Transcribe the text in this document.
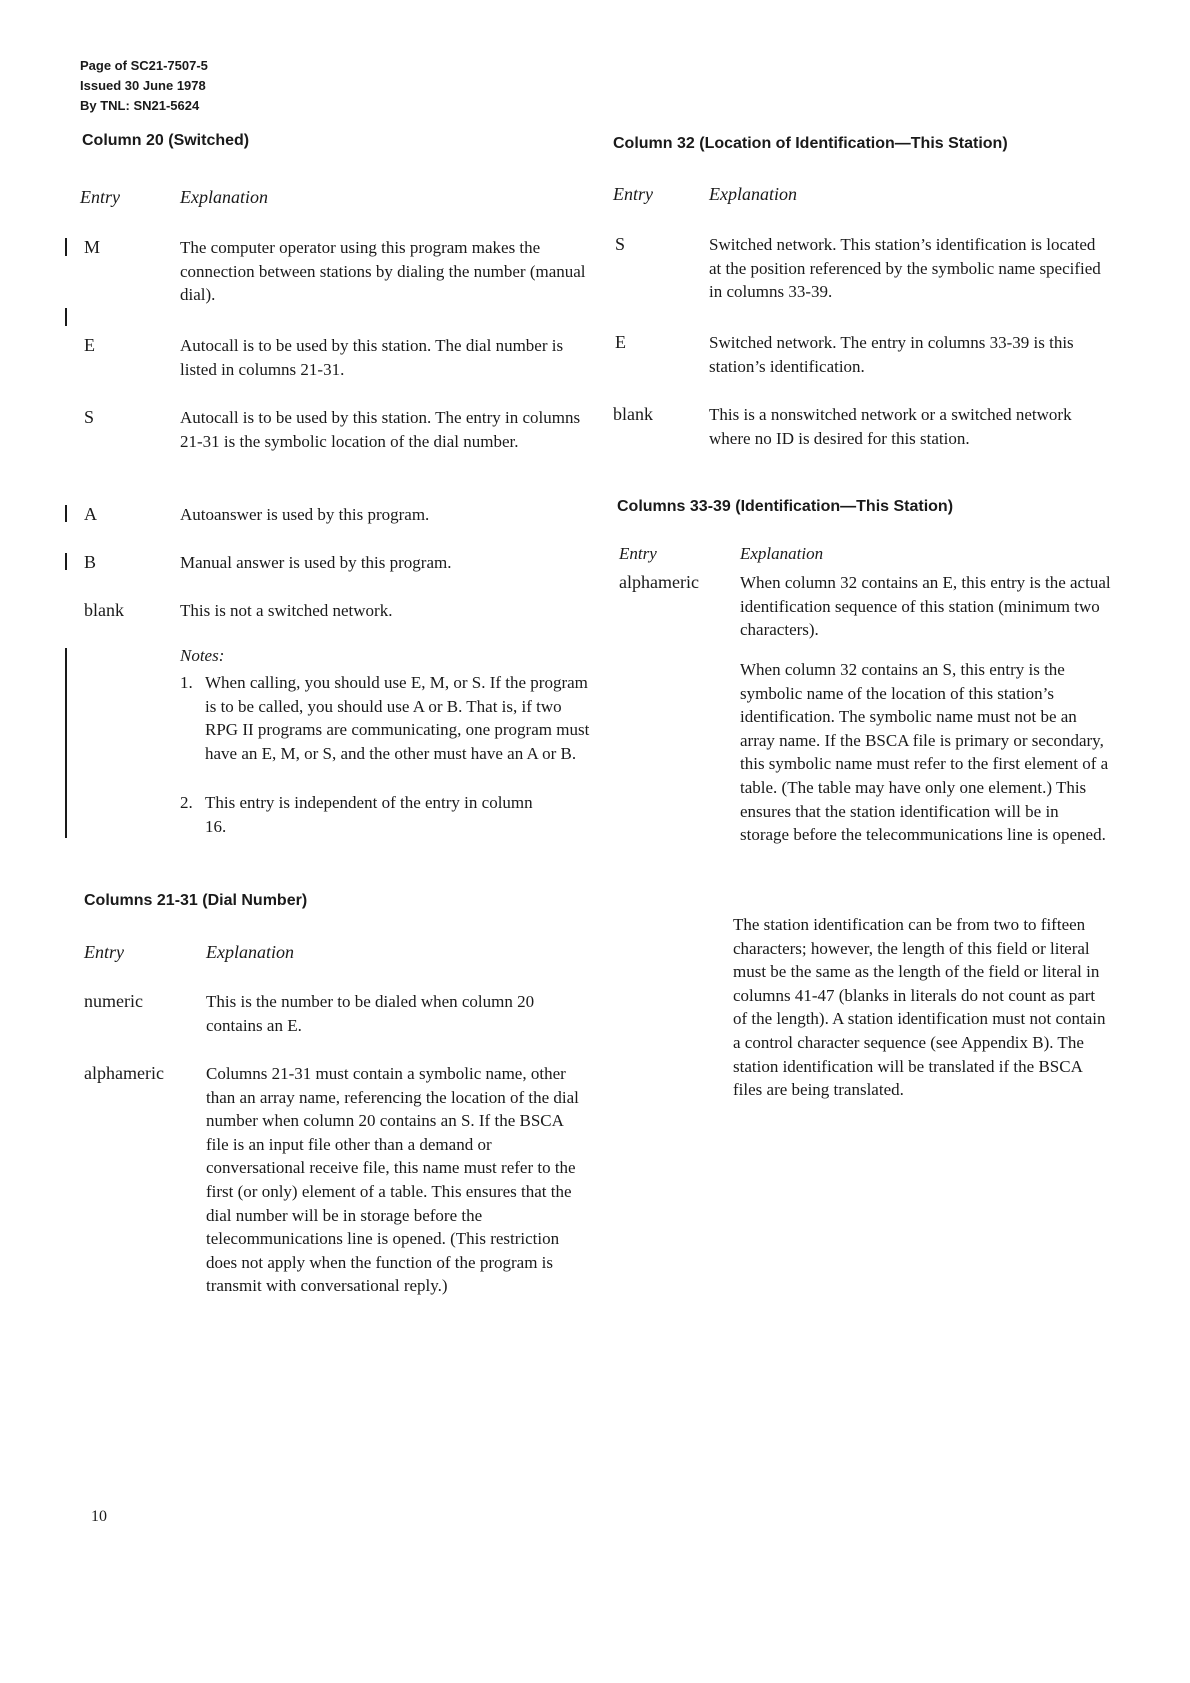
Page of SC21-7507-5
Issued 30 June 1978
By TNL: SN21-5624
Column 20 (Switched)
Entry	Explanation
M	The computer operator using this program makes the connection between stations by dialing the number (manual dial).
E	Autocall is to be used by this station. The dial number is listed in columns 21-31.
S	Autocall is to be used by this station. The entry in columns 21-31 is the symbolic location of the dial number.
A	Autoanswer is used by this program.
B	Manual answer is used by this program.
blank	This is not a switched network.
Notes:
1. When calling, you should use E, M, or S. If the program is to be called, you should use A or B. That is, if two RPG II programs are communicating, one program must have an E, M, or S, and the other must have an A or B.
2. This entry is independent of the entry in column 16.
Columns 21-31 (Dial Number)
Entry	Explanation
numeric	This is the number to be dialed when column 20 contains an E.
alphameric Columns 21-31 must contain a symbolic name, other than an array name, referencing the location of the dial number when column 20 contains an S. If the BSCA file is an input file other than a demand or conversational receive file, this name must refer to the first (or only) element of a table. This ensures that the dial number will be in storage before the telecommunications line is opened. (This restriction does not apply when the function of the program is transmit with conversational reply.)
Column 32 (Location of Identification—This Station)
Entry	Explanation
S	Switched network. This station’s identification is located at the position referenced by the symbolic name specified in columns 33-39.
E	Switched network. The entry in columns 33-39 is this station’s identification.
blank	This is a nonswitched network or a switched network where no ID is desired for this station.
Columns 33-39 (Identification—This Station)
Entry	Explanation
alphameric When column 32 contains an E, this entry is the actual identification sequence of this station (minimum two characters).
When column 32 contains an S, this entry is the symbolic name of the location of this station’s identification. The symbolic name must not be an array name. If the BSCA file is primary or secondary, this symbolic name must refer to the first element of a table. (The table may have only one element.) This ensures that the station identification will be in storage before the telecommunications line is opened.
The station identification can be from two to fifteen characters; however, the length of this field or literal must be the same as the length of the field or literal in columns 41-47 (blanks in literals do not count as part of the length). A station identification must not contain a control character sequence (see Appendix B). The station identification will be translated if the BSCA files are being translated.
10
